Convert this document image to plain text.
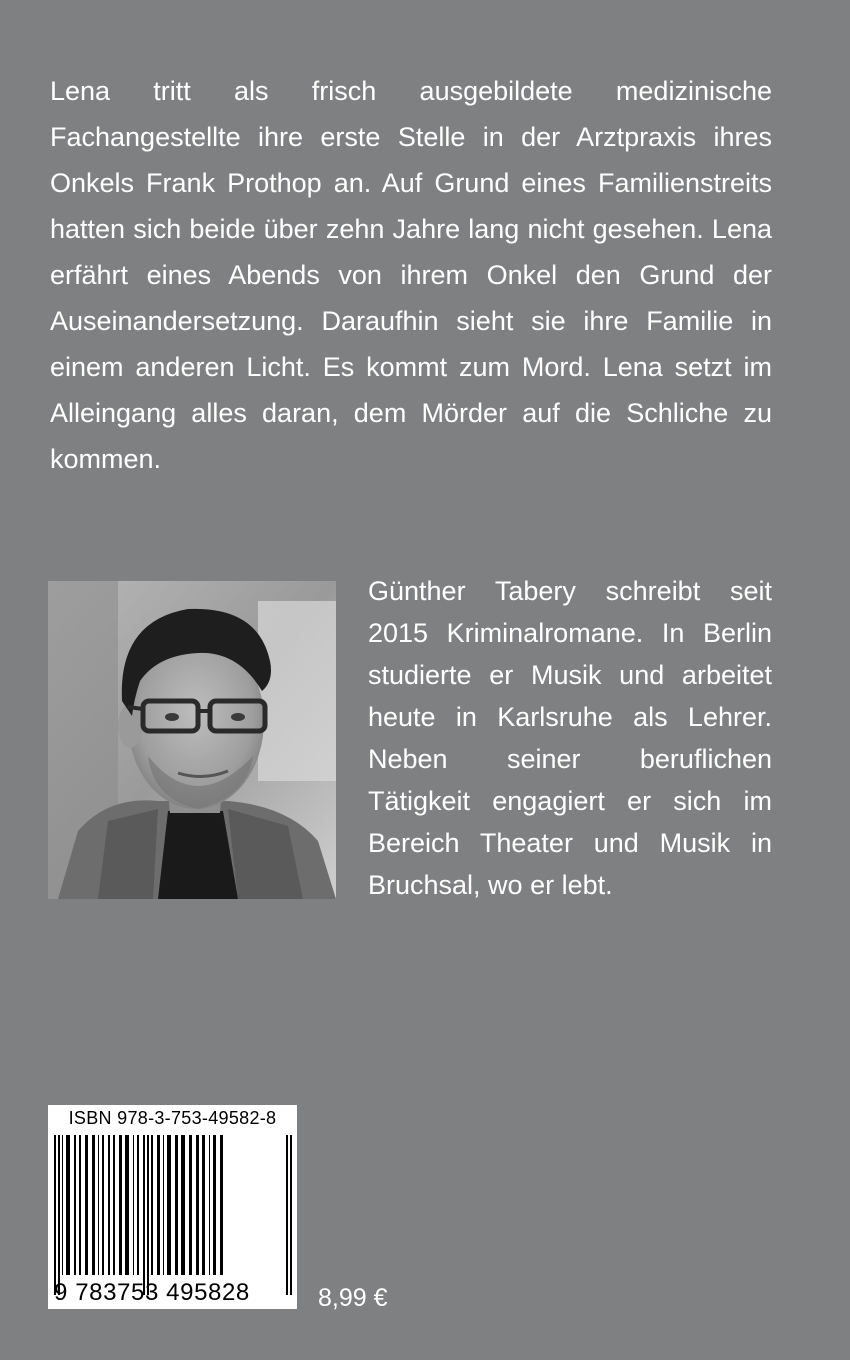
Lena tritt als frisch ausgebildete medizinische Fachangestellte ihre erste Stelle in der Arztpraxis ihres Onkels Frank Prothop an. Auf Grund eines Familienstreits hatten sich beide über zehn Jahre lang nicht gesehen. Lena erfährt eines Abends von ihrem Onkel den Grund der Auseinandersetzung. Daraufhin sieht sie ihre Familie in einem anderen Licht. Es kommt zum Mord. Lena setzt im Alleingang alles daran, dem Mörder auf die Schliche zu kommen.

Günther Tabery schreibt seit 2015 Kriminalromane. In Berlin studierte er Musik und arbeitet heute in Karlsruhe als Lehrer. Neben seiner beruflichen Tätigkeit engagiert er sich im Bereich Theater und Musik in Bruchsal, wo er lebt.

ISBN 978-3-753-49582-8
9 783753 495828	8,99 €
